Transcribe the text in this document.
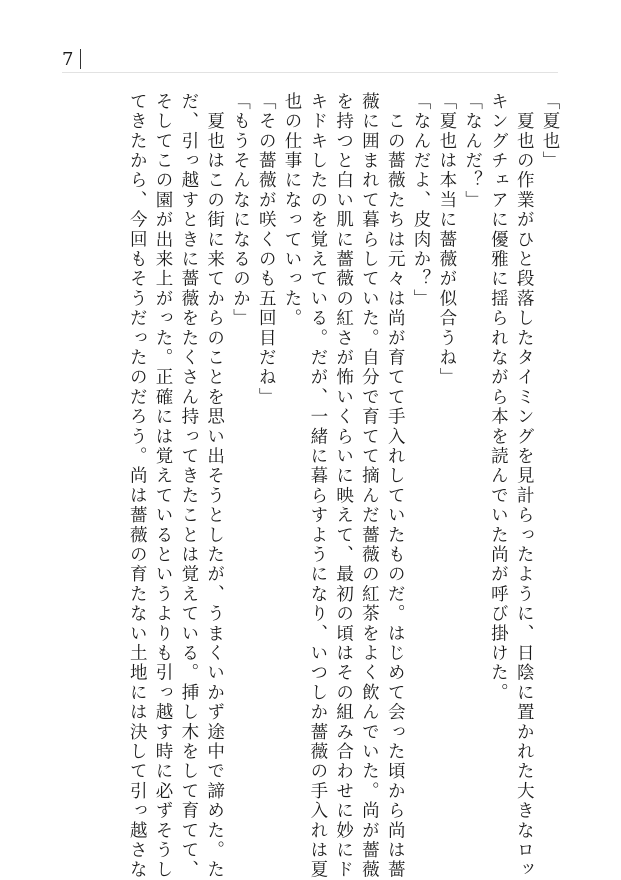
7
「夏也」
　夏也の作業がひと段落したタイミングを見計らったように、日陰に置かれた大きなロッ
キングチェアに優雅に揺られながら本を読んでいた尚が呼び掛けた。
「なんだ？」
「夏也は本当に薔薇が似合うね」
「なんだよ、皮肉か？」
　この薔薇たちは元々は尚が育てて手入れしていたものだ。はじめて会った頃から尚は薔
薇に囲まれて暮らしていた。自分で育てて摘んだ薔薇の紅茶をよく飲んでいた。尚が薔薇
を持つと白い肌に薔薇の紅さが怖いくらいに映えて、最初の頃はその組み合わせに妙にド
キドキしたのを覚えている。だが、一緒に暮らすようになり、いつしか薔薇の手入れは夏
也の仕事になっていった。
「その薔薇が咲くのも五回目だね」
「もうそんなになるのか」
　夏也はこの街に来てからのことを思い出そうとしたが、うまくいかず途中で諦めた。た
だ、引っ越すときに薔薇をたくさん持ってきたことは覚えている。挿し木をして育てて、
そしてこの園が出来上がった。正確には覚えているというよりも引っ越す時に必ずそうし
てきたから、今回もそうだったのだろう。尚は薔薇の育たない土地には決して引っ越さな
